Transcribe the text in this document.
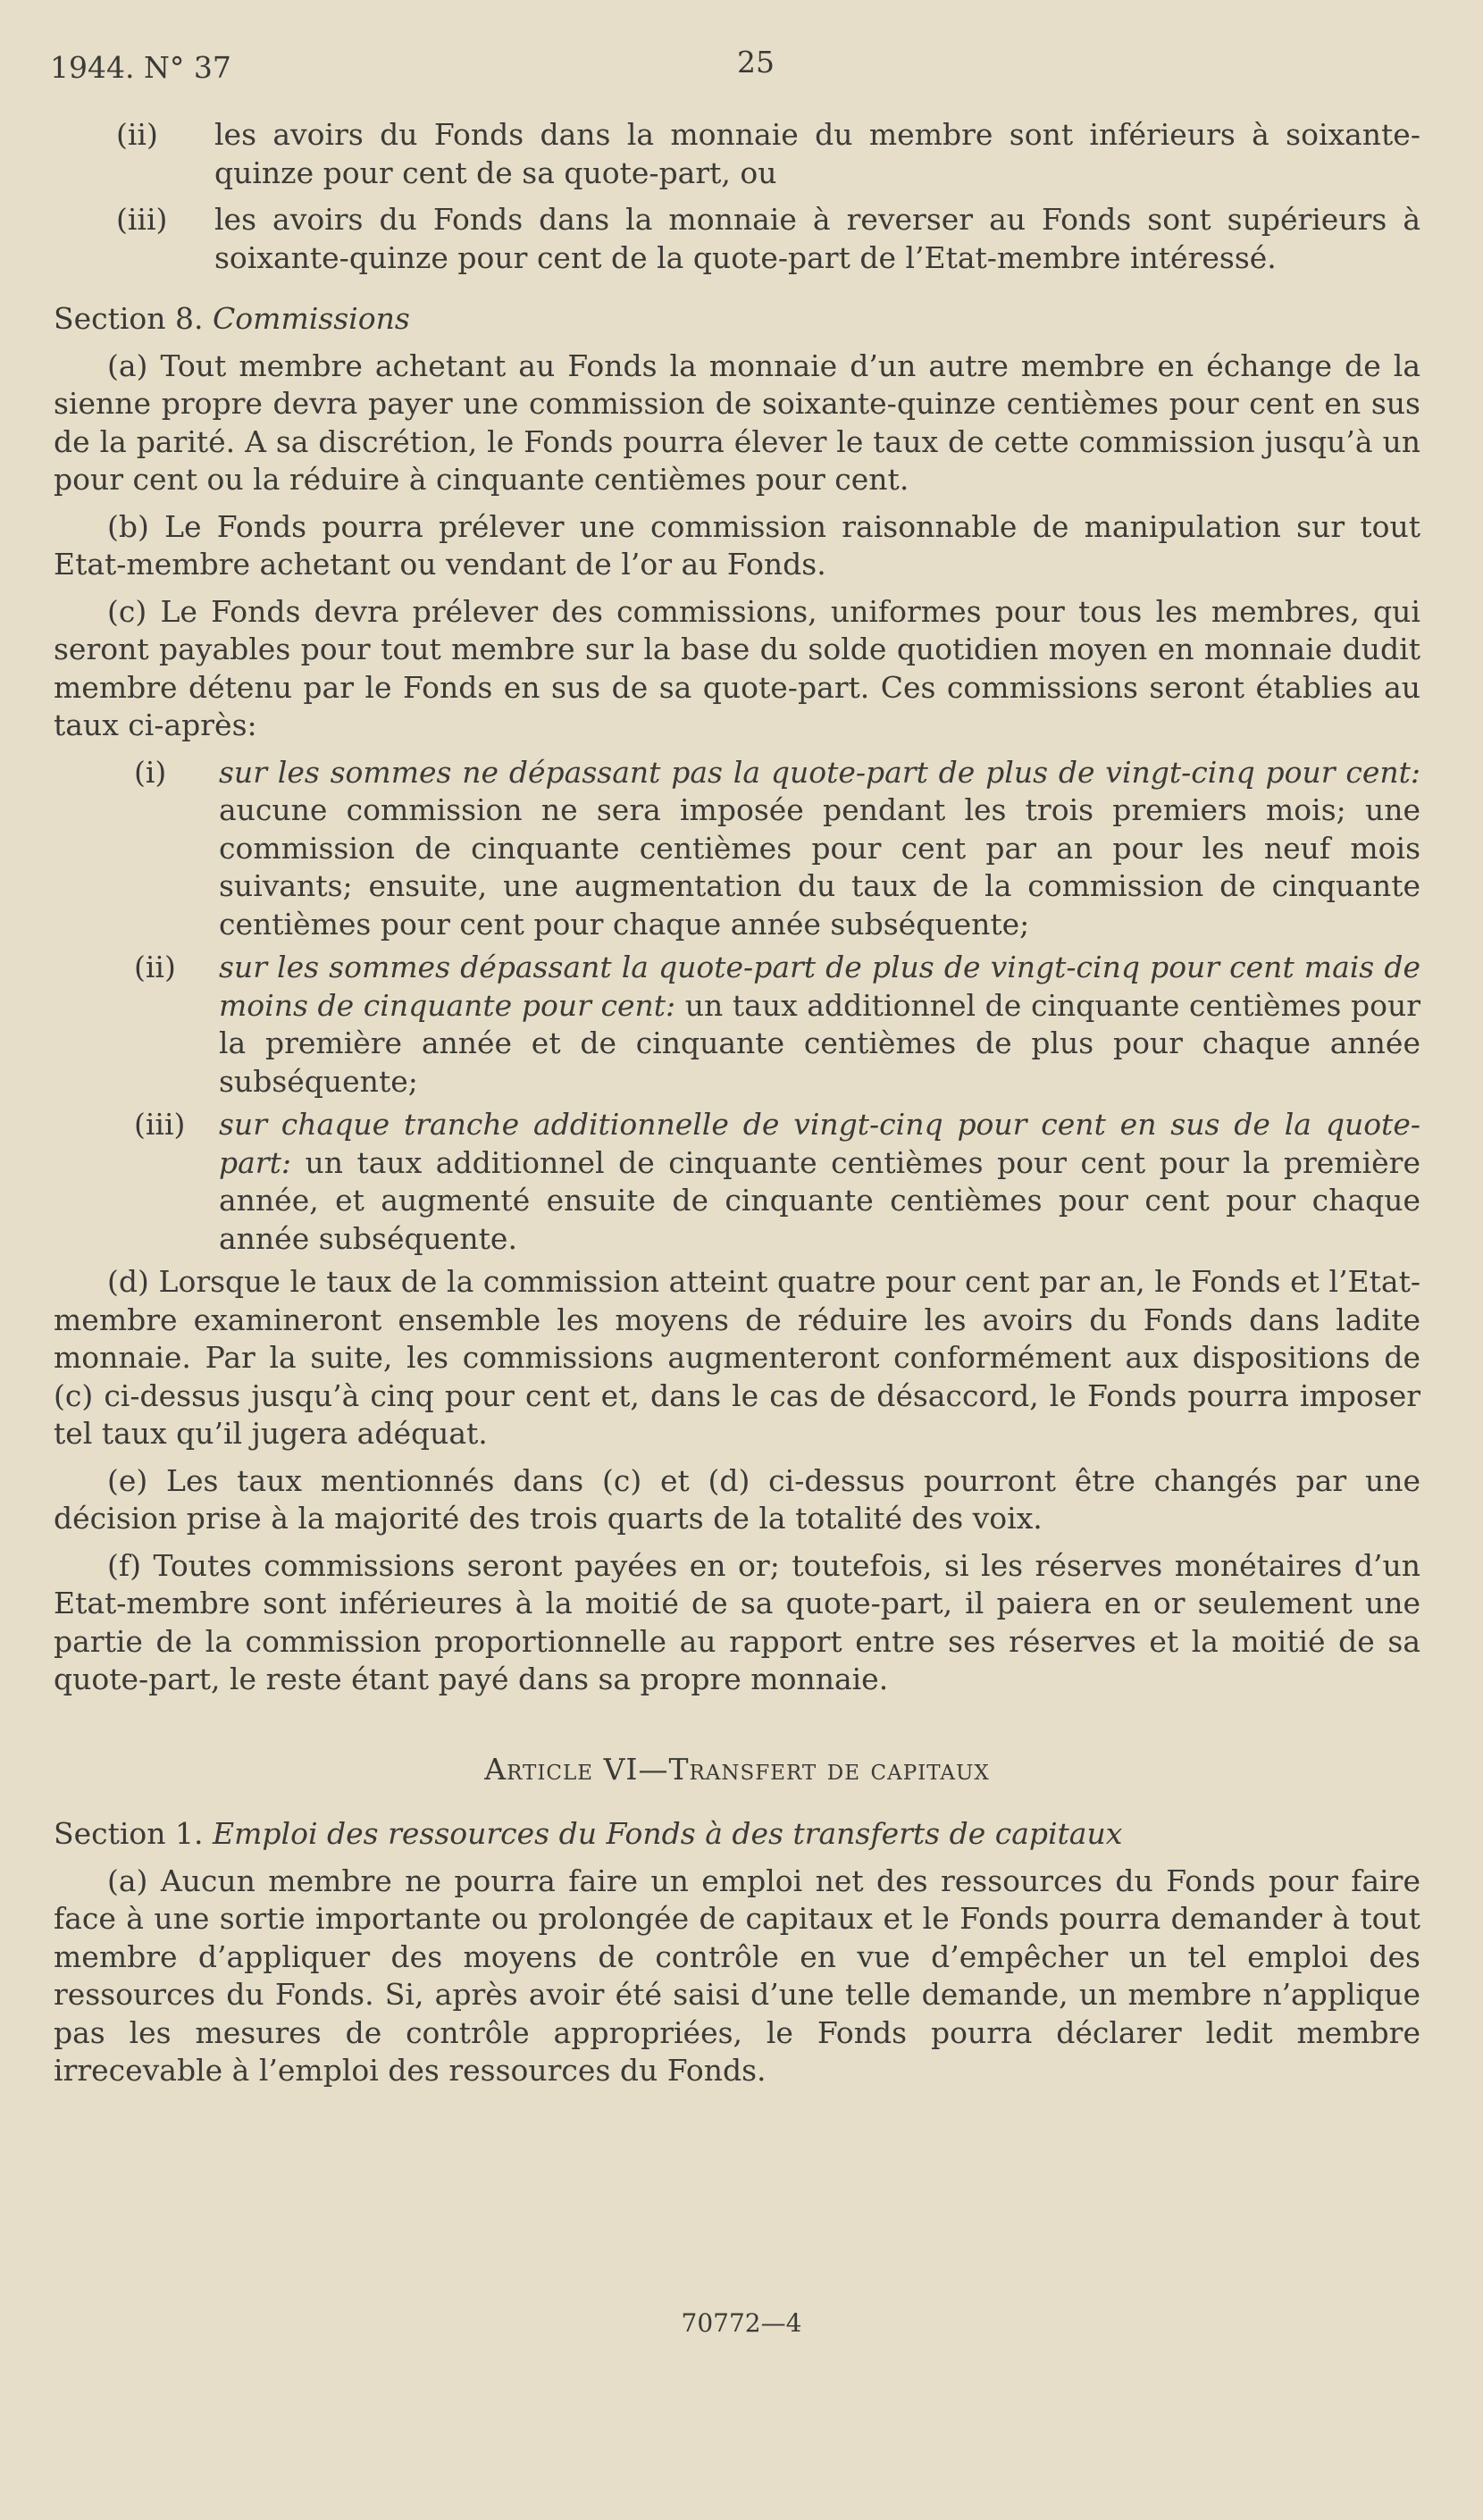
1944. N° 37	25
(ii)	les avoirs du Fonds dans la monnaie du membre sont inférieurs à soixante-quinze pour cent de sa quote-part, ou
(iii)	les avoirs du Fonds dans la monnaie à reverser au Fonds sont supérieurs à soixante-quinze pour cent de la quote-part de l’Etat-membre intéressé.
Section 8. Commissions

(a) Tout membre achetant au Fonds la monnaie d’un autre membre en échange de la sienne propre devra payer une commission de soixante-quinze centièmes pour cent en sus de la parité. A sa discrétion, le Fonds pourra élever le taux de cette commission jusqu’à un pour cent ou la réduire à cinquante centièmes pour cent.

(b) Le Fonds pourra prélever une commission raisonnable de manipulation sur tout Etat-membre achetant ou vendant de l’or au Fonds.

(c) Le Fonds devra prélever des commissions, uniformes pour tous les membres, qui seront payables pour tout membre sur la base du solde quotidien moyen en monnaie dudit membre détenu par le Fonds en sus de sa quote-part. Ces commissions seront établies au taux ci-après:

(i)	sur les sommes ne dépassant pas la quote-part de plus de vingt-cinq pour cent: aucune commission ne sera imposée pendant les trois premiers mois; une commission de cinquante centièmes pour cent par an pour les neuf mois suivants; ensuite, une augmentation du taux de la commission de cinquante centièmes pour cent pour chaque année subséquente;
(ii)	sur les sommes dépassant la quote-part de plus de vingt-cinq pour cent mais de moins de cinquante pour cent: un taux additionnel de cinquante centièmes pour la première année et de cinquante centièmes de plus pour chaque année subséquente;
(iii)	sur chaque tranche additionnelle de vingt-cinq pour cent en sus de la quote-part: un taux additionnel de cinquante centièmes pour cent pour la première année, et augmenté ensuite de cinquante centièmes pour cent pour chaque année subséquente.

(d) Lorsque le taux de la commission atteint quatre pour cent par an, le Fonds et l’Etat-membre examineront ensemble les moyens de réduire les avoirs du Fonds dans ladite monnaie. Par la suite, les commissions augmenteront conformément aux dispositions de (c) ci-dessus jusqu’à cinq pour cent et, dans le cas de désaccord, le Fonds pourra imposer tel taux qu’il jugera adéquat.

(e) Les taux mentionnés dans (c) et (d) ci-dessus pourront être changés par une décision prise à la majorité des trois quarts de la totalité des voix.

(f) Toutes commissions seront payées en or; toutefois, si les réserves monétaires d’un Etat-membre sont inférieures à la moitié de sa quote-part, il paiera en or seulement une partie de la commission proportionnelle au rapport entre ses réserves et la moitié de sa quote-part, le reste étant payé dans sa propre monnaie.

Article VI—Transfert de capitaux
Section 1. Emploi des ressources du Fonds à des transferts de capitaux

(a) Aucun membre ne pourra faire un emploi net des ressources du Fonds pour faire face à une sortie importante ou prolongée de capitaux et le Fonds pourra demander à tout membre d’appliquer des moyens de contrôle en vue d’empêcher un tel emploi des ressources du Fonds. Si, après avoir été saisi d’une telle demande, un membre n’applique pas les mesures de contrôle appropriées, le Fonds pourra déclarer ledit membre irrecevable à l’emploi des ressources du Fonds.

70772—4
